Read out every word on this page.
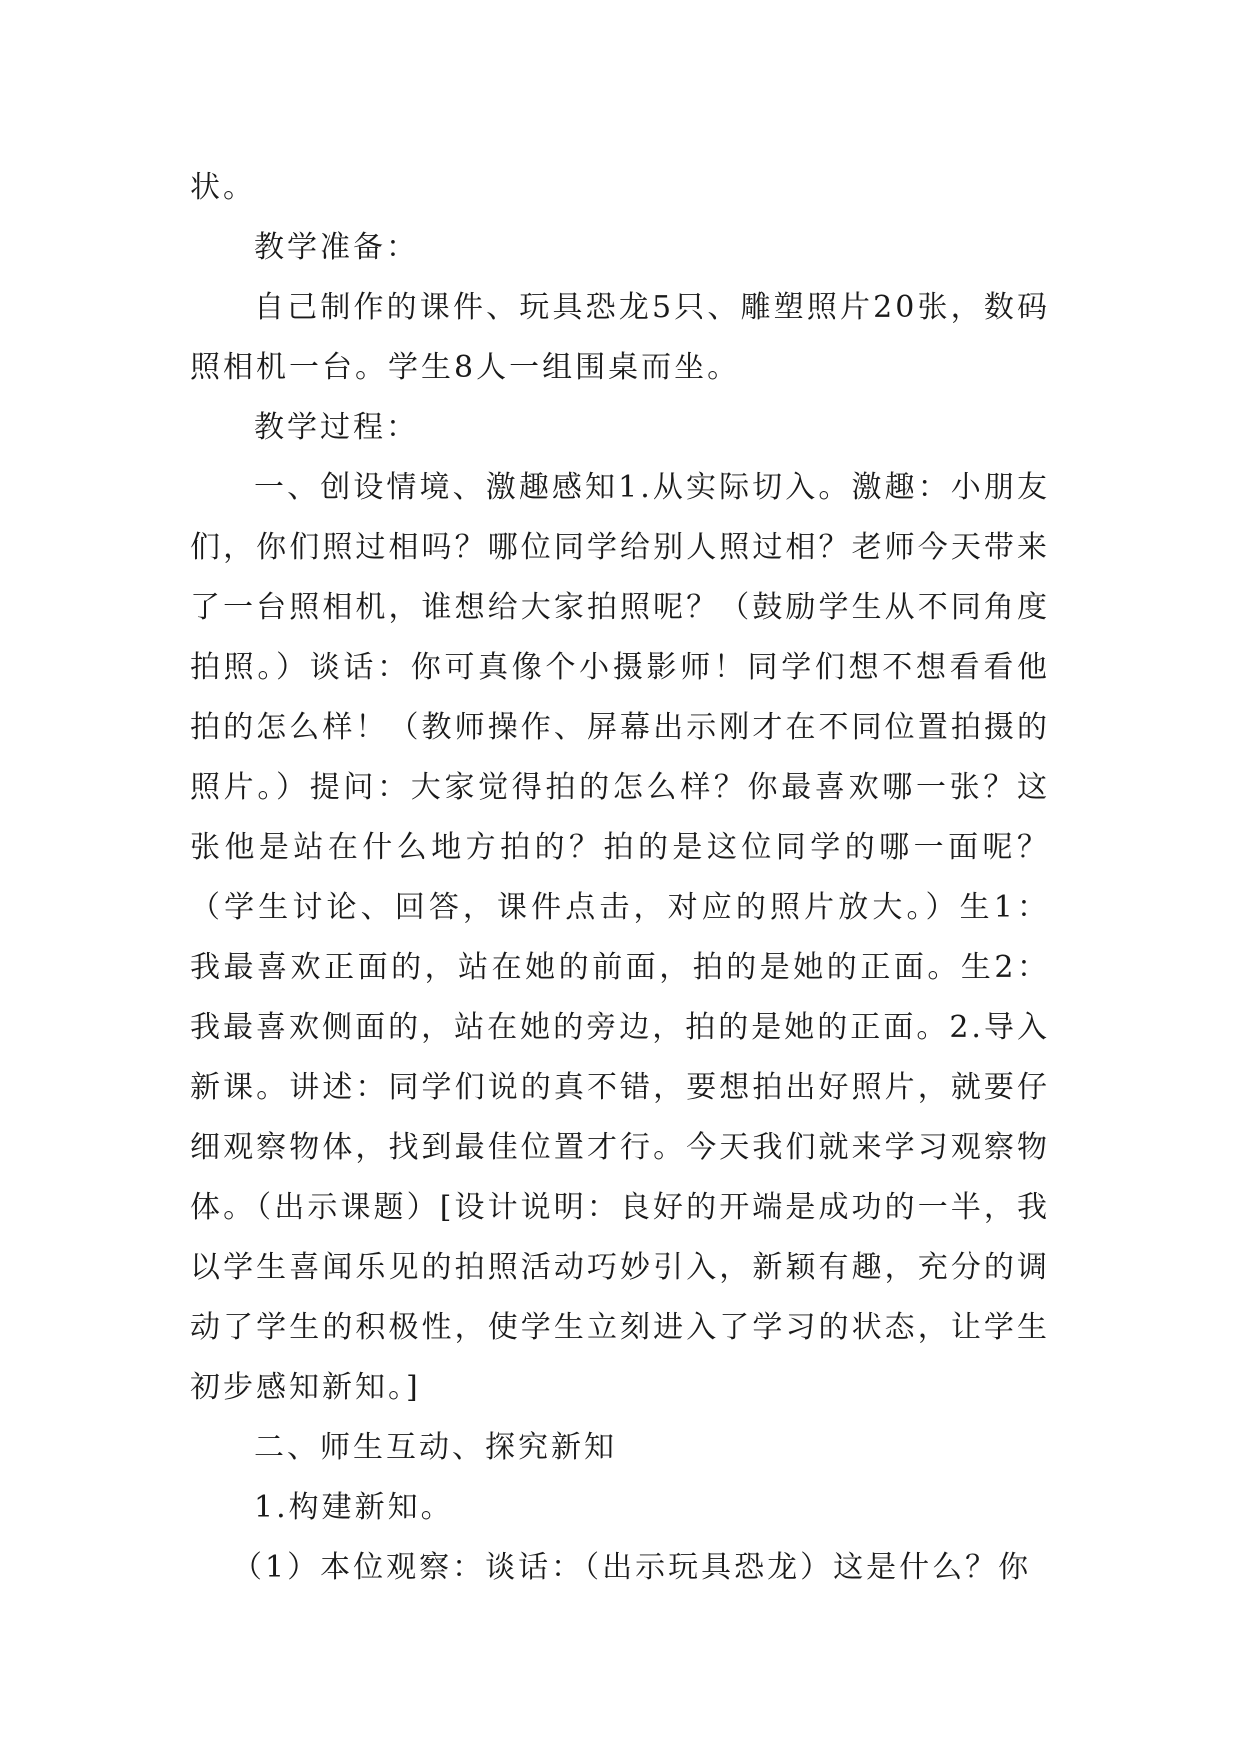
状。

教学准备：

自己制作的课件、玩具恐龙5只、雕塑照片20张，数码照相机一台。学生8人一组围桌而坐。

教学过程：

一、创设情境、激趣感知1.从实际切入。激趣：小朋友们，你们照过相吗？哪位同学给别人照过相？老师今天带来了一台照相机，谁想给大家拍照呢？（鼓励学生从不同角度拍照。）谈话：你可真像个小摄影师！同学们想不想看看他拍的怎么样！（教师操作、屏幕出示刚才在不同位置拍摄的照片。）提问：大家觉得拍的怎么样？你最喜欢哪一张？这张他是站在什么地方拍的？拍的是这位同学的哪一面呢？（学生讨论、回答，课件点击，对应的照片放大。）生1：我最喜欢正面的，站在她的前面，拍的是她的正面。生2：我最喜欢侧面的，站在她的旁边，拍的是她的正面。2.导入新课。讲述：同学们说的真不错，要想拍出好照片，就要仔细观察物体，找到最佳位置才行。今天我们就来学习观察物体。（出示课题）[设计说明：良好的开端是成功的一半，我以学生喜闻乐见的拍照活动巧妙引入，新颖有趣，充分的调动了学生的积极性，使学生立刻进入了学习的状态，让学生初步感知新知。]

二、师生互动、探究新知

1.构建新知。

（1）本位观察：谈话：（出示玩具恐龙）这是什么？你
